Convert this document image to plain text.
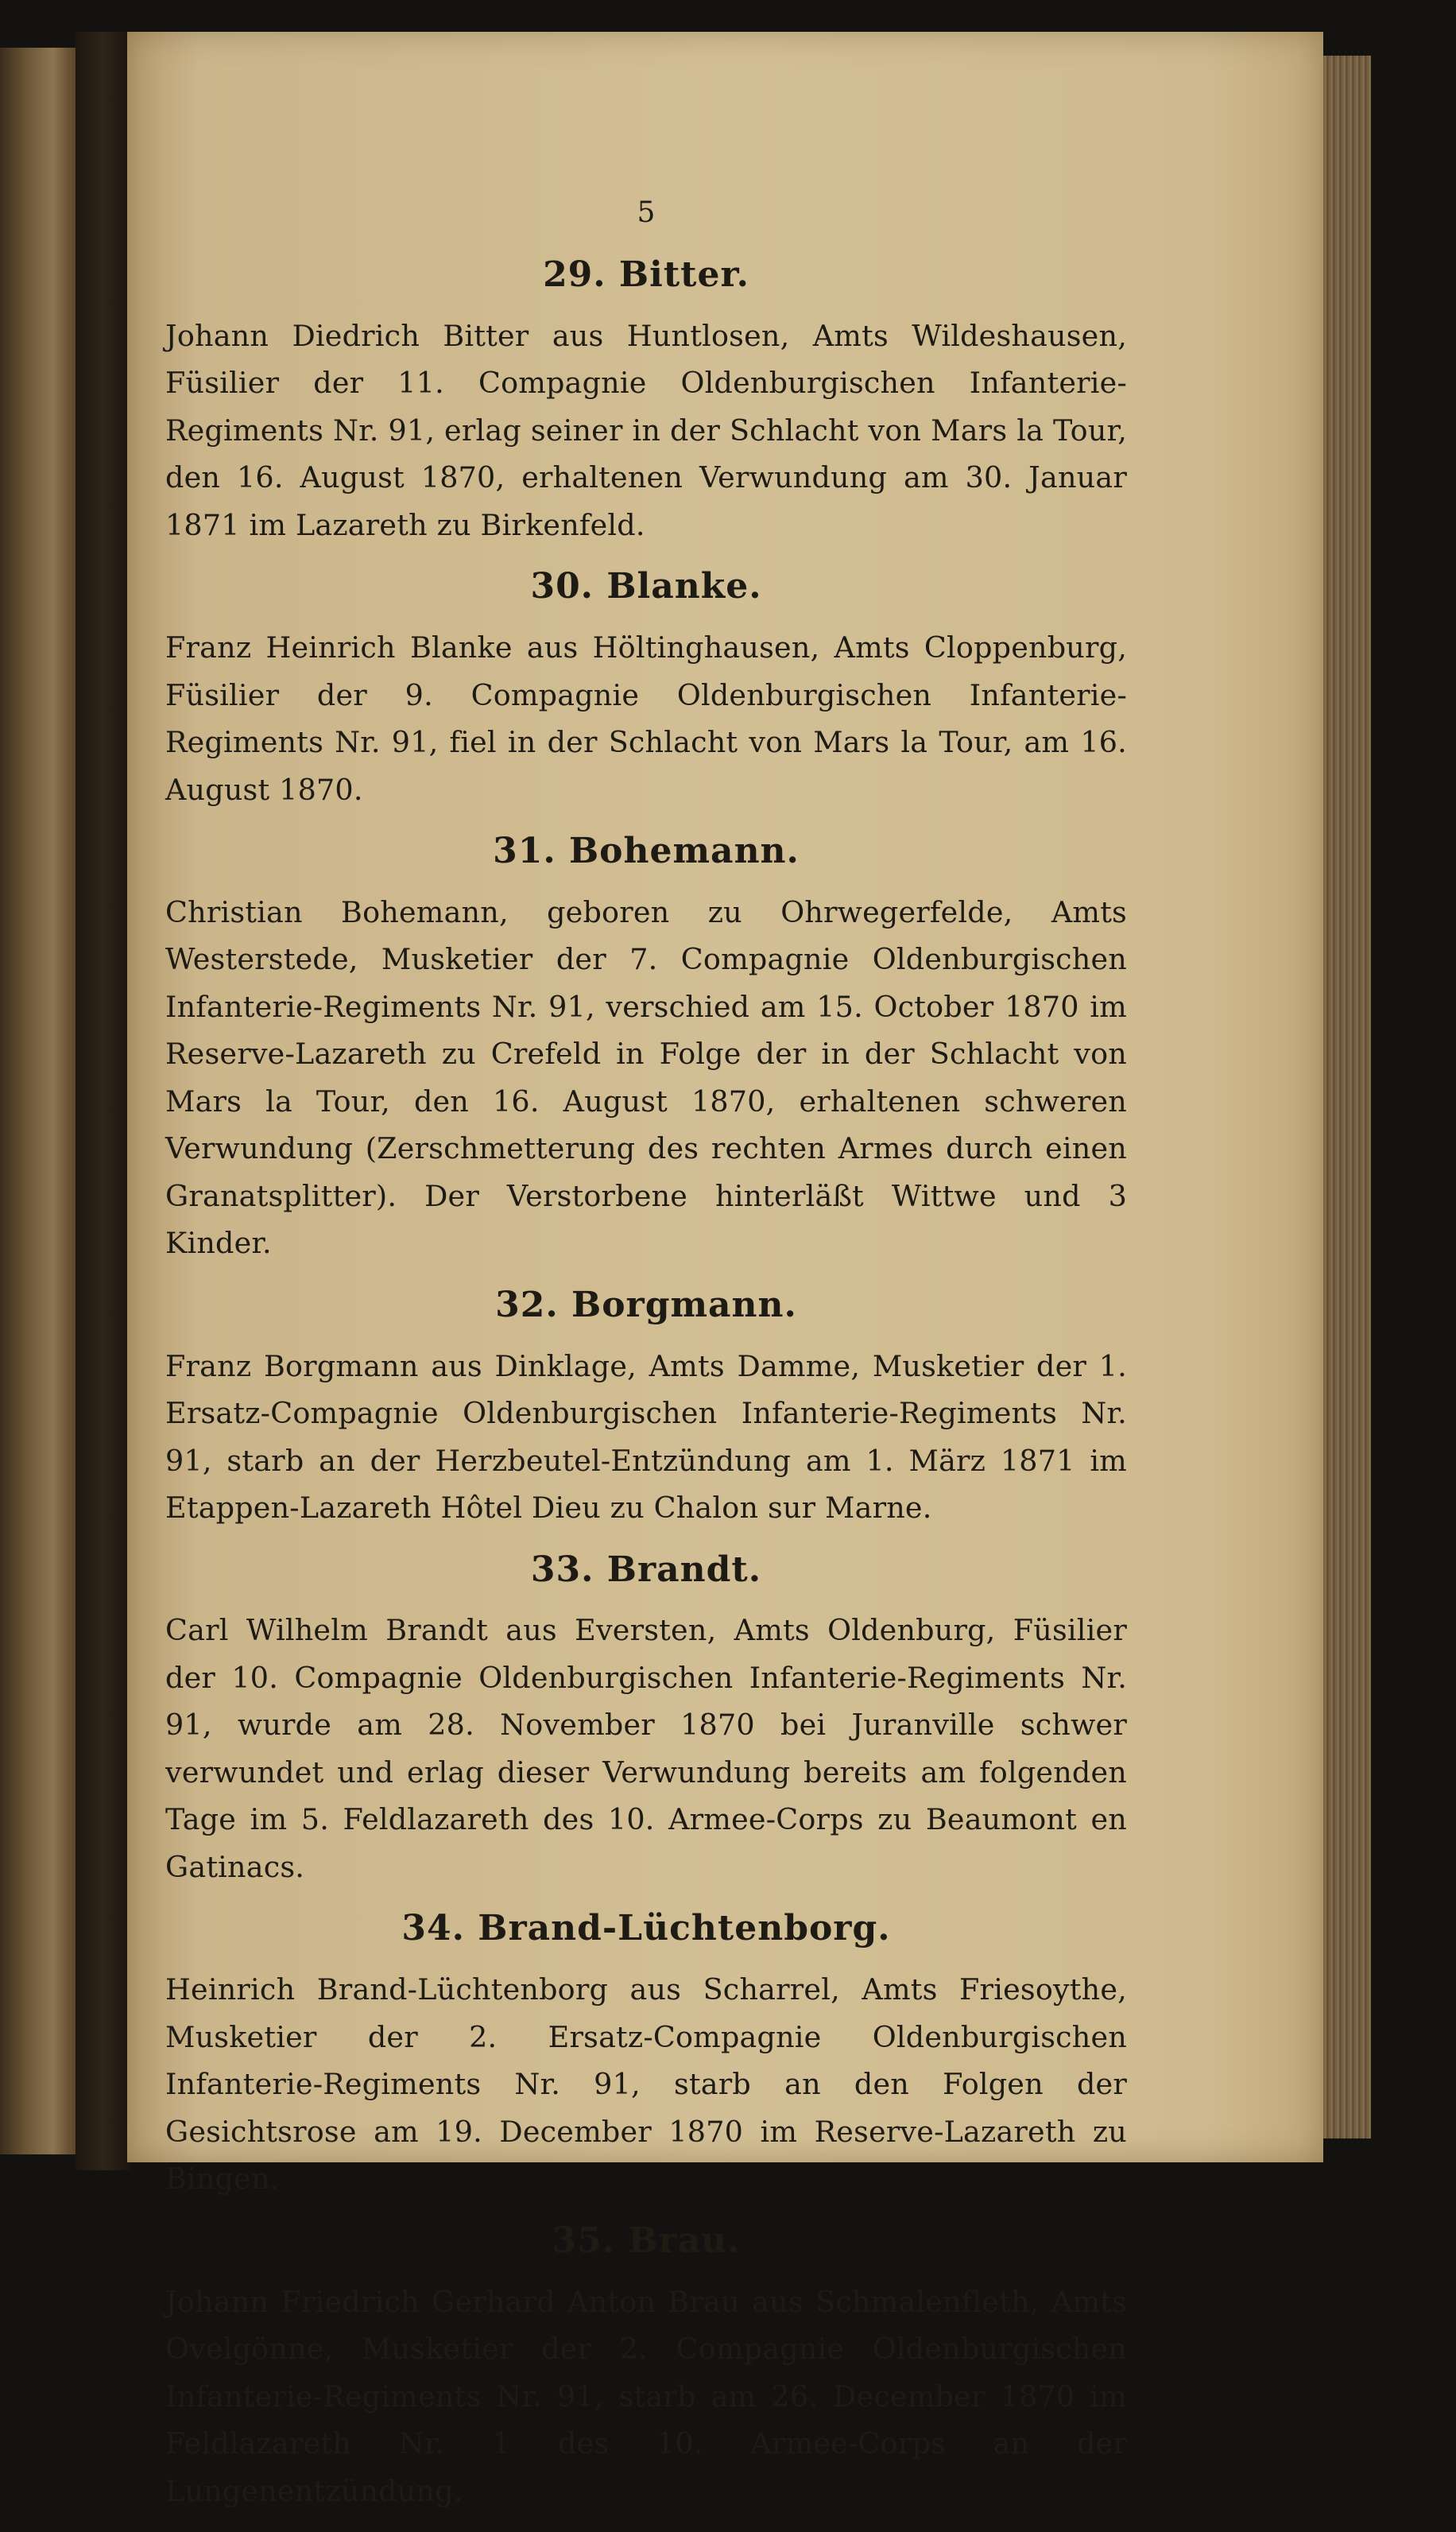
5
29. Bitter.

Johann Diedrich Bitter aus Huntlosen, Amts Wildeshausen, Füsilier der 11. Compagnie Oldenburgischen Infanterie-Regiments Nr. 91, erlag seiner in der Schlacht von Mars la Tour, den 16. August 1870, erhaltenen Verwundung am 30. Januar 1871 im Lazareth zu Birkenfeld.

30. Blanke.

Franz Heinrich Blanke aus Höltinghausen, Amts Cloppenburg, Füsilier der 9. Compagnie Oldenburgischen Infanterie-Regiments Nr. 91, fiel in der Schlacht von Mars la Tour, am 16. August 1870.

31. Bohemann.

Christian Bohemann, geboren zu Ohrwegerfelde, Amts Westerstede, Musketier der 7. Compagnie Oldenburgischen Infanterie-Regiments Nr. 91, verschied am 15. October 1870 im Reserve-Lazareth zu Crefeld in Folge der in der Schlacht von Mars la Tour, den 16. August 1870, erhaltenen schweren Verwundung (Zerschmetterung des rechten Armes durch einen Granatsplitter). Der Verstorbene hinterläßt Wittwe und 3 Kinder.

32. Borgmann.

Franz Borgmann aus Dinklage, Amts Damme, Musketier der 1. Ersatz-Compagnie Oldenburgischen Infanterie-Regiments Nr. 91, starb an der Herzbeutel-Entzündung am 1. März 1871 im Etappen-Lazareth Hôtel Dieu zu Chalon sur Marne.

33. Brandt.

Carl Wilhelm Brandt aus Eversten, Amts Oldenburg, Füsilier der 10. Compagnie Oldenburgischen Infanterie-Regiments Nr. 91, wurde am 28. November 1870 bei Juranville schwer verwundet und erlag dieser Verwundung bereits am folgenden Tage im 5. Feldlazareth des 10. Armee-Corps zu Beaumont en Gatinacs.

34. Brand-Lüchtenborg.

Heinrich Brand-Lüchtenborg aus Scharrel, Amts Friesoythe, Musketier der 2. Ersatz-Compagnie Oldenburgischen Infanterie-Regiments Nr. 91, starb an den Folgen der Gesichtsrose am 19. December 1870 im Reserve-Lazareth zu Bingen.

35. Brau.

Johann Friedrich Gerhard Anton Brau aus Schmalenfleth, Amts Ovelgönne, Musketier der 2. Compagnie Oldenburgischen Infanterie-Regiments Nr. 91, starb am 26. December 1870 im Feldlazareth Nr. 1 des 10. Armee-Corps an der Lungenentzündung.
